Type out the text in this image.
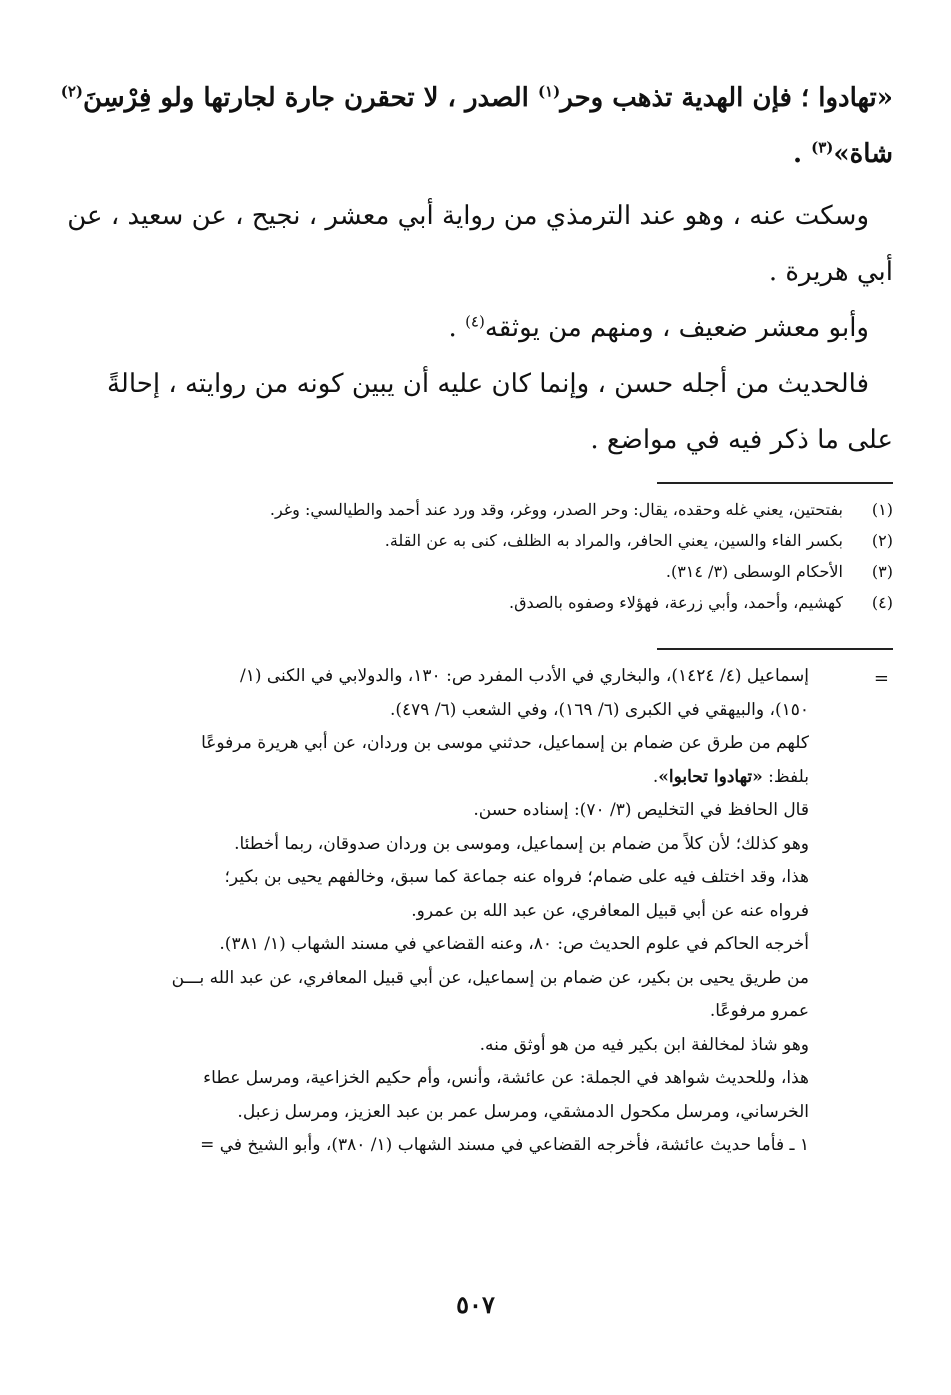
«تهادوا ؛ فإن الهدية تذهب وحر$^{(١)}$ الصدر ، لا تحقرن جارة لجارتها ولو فِرْسِنَ$^{(٢)}$
شاة»$^{(٣)}$ .

وسكت عنه ، وهو عند الترمذي من رواية أبي معشر ، نجيح ، عن سعيد ، عن أبي هريرة .

وأبو معشر ضعيف ، ومنهم من يوثقه$^{(٤)}$ .

فالحديث من أجله حسن ، وإنما كان عليه أن يبين كونه من روايته ، إحالةً على ما ذكر فيه في مواضع .

(١)
بفتحتين، يعني غله وحقده، يقال: وحر الصدر، ووغر، وقد ورد عند أحمد والطيالسي: وغر.
(٢)
بكسر الفاء والسين، يعني الحافر، والمراد به الظلف، كنى به عن القلة.
(٣)
الأحكام الوسطى (٣/ ٣١٤).
(٤)
كهشيم، وأحمد، وأبي زرعة، فهؤلاء وصفوه بالصدق.
=
إسماعيل (٤/ ١٤٢٤)، والبخاري في الأدب المفرد ص: ١٣٠، والدولابي في الكنى (١/
١٥٠)، والبيهقي في الكبرى (٦/ ١٦٩)، وفي الشعب (٦/ ٤٧٩).
كلهم من طرق عن ضمام بن إسماعيل، حدثني موسى بن وردان، عن أبي هريرة مرفوعًا
بلفظ: «تهادوا تحابوا».
قال الحافظ في التخليص (٣/ ٧٠): إسناده حسن.
وهو كذلك؛ لأن كلاً من ضمام بن إسماعيل، وموسى بن وردان صدوقان، ربما أخطئا.
هذا، وقد اختلف فيه على ضمام؛ فرواه عنه جماعة كما سبق، وخالفهم يحيى بن بكير؛
فرواه عنه عن أبي قبيل المعافري، عن عبد الله بن عمرو.
أخرجه الحاكم في علوم الحديث ص: ٨٠، وعنه القضاعي في مسند الشهاب (١/ ٣٨١).
من طريق يحيى بن بكير، عن ضمام بن إسماعيل، عن أبي قبيل المعافري، عن عبد الله بـــن
عمرو مرفوعًا.
وهو شاذ لمخالفة ابن بكير فيه من هو أوثق منه.
هذا، وللحديث شواهد في الجملة: عن عائشة، وأنس، وأم حكيم الخزاعية، ومرسل عطاء
الخرساني، ومرسل مكحول الدمشقي، ومرسل عمر بن عبد العزيز، ومرسل زعبل.
١ ـ فأما حديث عائشة، فأخرجه القضاعي في مسند الشهاب (١/ ٣٨٠)، وأبو الشيخ في =
٥٠٧
